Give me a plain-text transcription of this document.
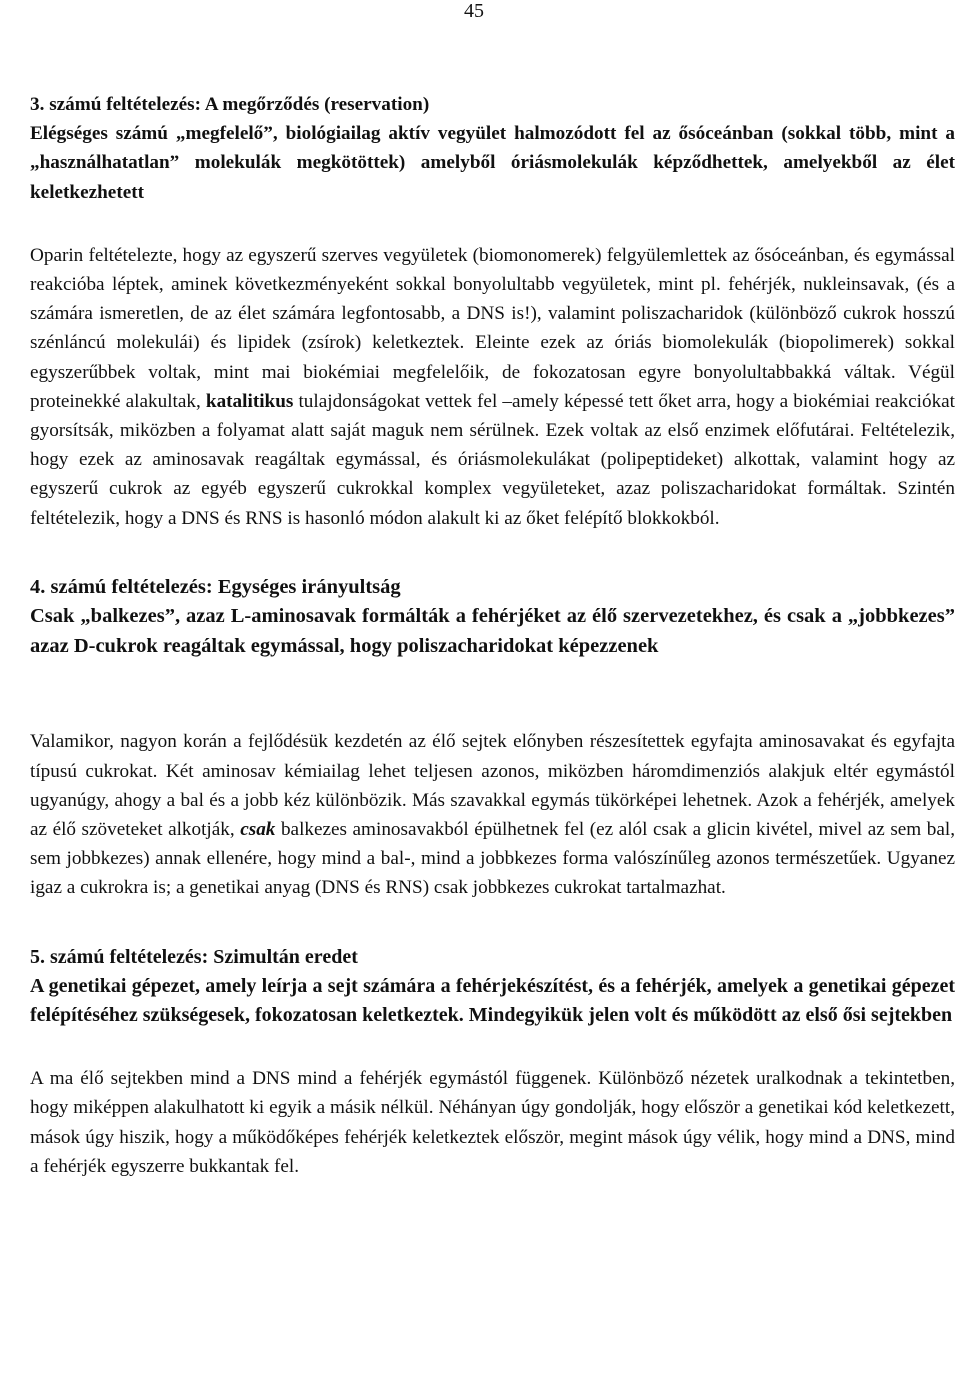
45

3. számú feltételezés: A megőrződés (reservation)

Elégséges számú „megfelelő”, biológiailag aktív vegyület halmozódott fel az ősóceánban (sokkal több, mint a „használhatatlan” molekulák megkötöttek) amelyből óriásmolekulák képződhettek, amelyekből az élet keletkezhetett

Oparin feltételezte, hogy az egyszerű szerves vegyületek (biomonomerek) felgyülemlettek az ősóceánban, és egymással reakcióba léptek, aminek következményeként sokkal bonyolultabb vegyületek, mint pl. fehérjék, nukleinsavak, (és a számára ismeretlen, de az élet számára legfontosabb, a DNS is!), valamint poliszacharidok (különböző cukrok hosszú szénláncú molekulái) és lipidek (zsírok) keletkeztek. Eleinte ezek az óriás biomolekulák (biopolimerek) sokkal egyszerűbbek voltak, mint mai biokémiai megfelelőik, de fokozatosan egyre bonyolultabbakká váltak. Végül proteinekké alakultak, katalitikus tulajdonságokat vettek fel –amely képessé tett őket arra, hogy a biokémiai reakciókat gyorsítsák, miközben a folyamat alatt saját maguk nem sérülnek. Ezek voltak az első enzimek előfutárai. Feltételezik, hogy ezek az aminosavak reagáltak egymással, és óriásmolekulákat (polipeptideket) alkottak, valamint hogy az egyszerű cukrok az egyéb egyszerű cukrokkal komplex vegyületeket, azaz poliszacharidokat formáltak. Szintén feltételezik, hogy a DNS és RNS is hasonló módon alakult ki az őket felépítő blokkokból.

4. számú feltételezés: Egységes irányultság

Csak „balkezes”, azaz L-aminosavak formálták a fehérjéket az élő szervezetekhez, és csak a „jobbkezes” azaz D-cukrok reagáltak egymással, hogy poliszacharidokat képezzenek

Valamikor, nagyon korán a fejlődésük kezdetén az élő sejtek előnyben részesítettek egyfajta aminosavakat és egyfajta típusú cukrokat. Két aminosav kémiailag lehet teljesen azonos, miközben háromdimenziós alakjuk eltér egymástól ugyanúgy, ahogy a bal és a jobb kéz különbözik. Más szavakkal egymás tükörképei lehetnek. Azok a fehérjék, amelyek az élő szöveteket alkotják, csak balkezes aminosavakból épülhetnek fel (ez alól csak a glicin kivétel, mivel az sem bal, sem jobbkezes) annak ellenére, hogy mind a bal-, mind a jobbkezes forma valószínűleg azonos természetűek. Ugyanez igaz a cukrokra is; a genetikai anyag (DNS és RNS) csak jobbkezes cukrokat tartalmazhat.

5. számú feltételezés: Szimultán eredet

A genetikai gépezet, amely leírja a sejt számára a fehérjekészítést, és a fehérjék, amelyek a genetikai gépezet felépítéséhez szükségesek, fokozatosan keletkeztek. Mindegyikük jelen volt és működött az első ősi sejtekben

A ma élő sejtekben mind a DNS mind a fehérjék egymástól függenek. Különböző nézetek uralkodnak a tekintetben, hogy miképpen alakulhatott ki egyik a másik nélkül. Néhányan úgy gondolják, hogy először a genetikai kód keletkezett, mások úgy hiszik, hogy a működőképes fehérjék keletkeztek először, megint mások úgy vélik, hogy mind a DNS, mind a fehérjék egyszerre bukkantak fel.
